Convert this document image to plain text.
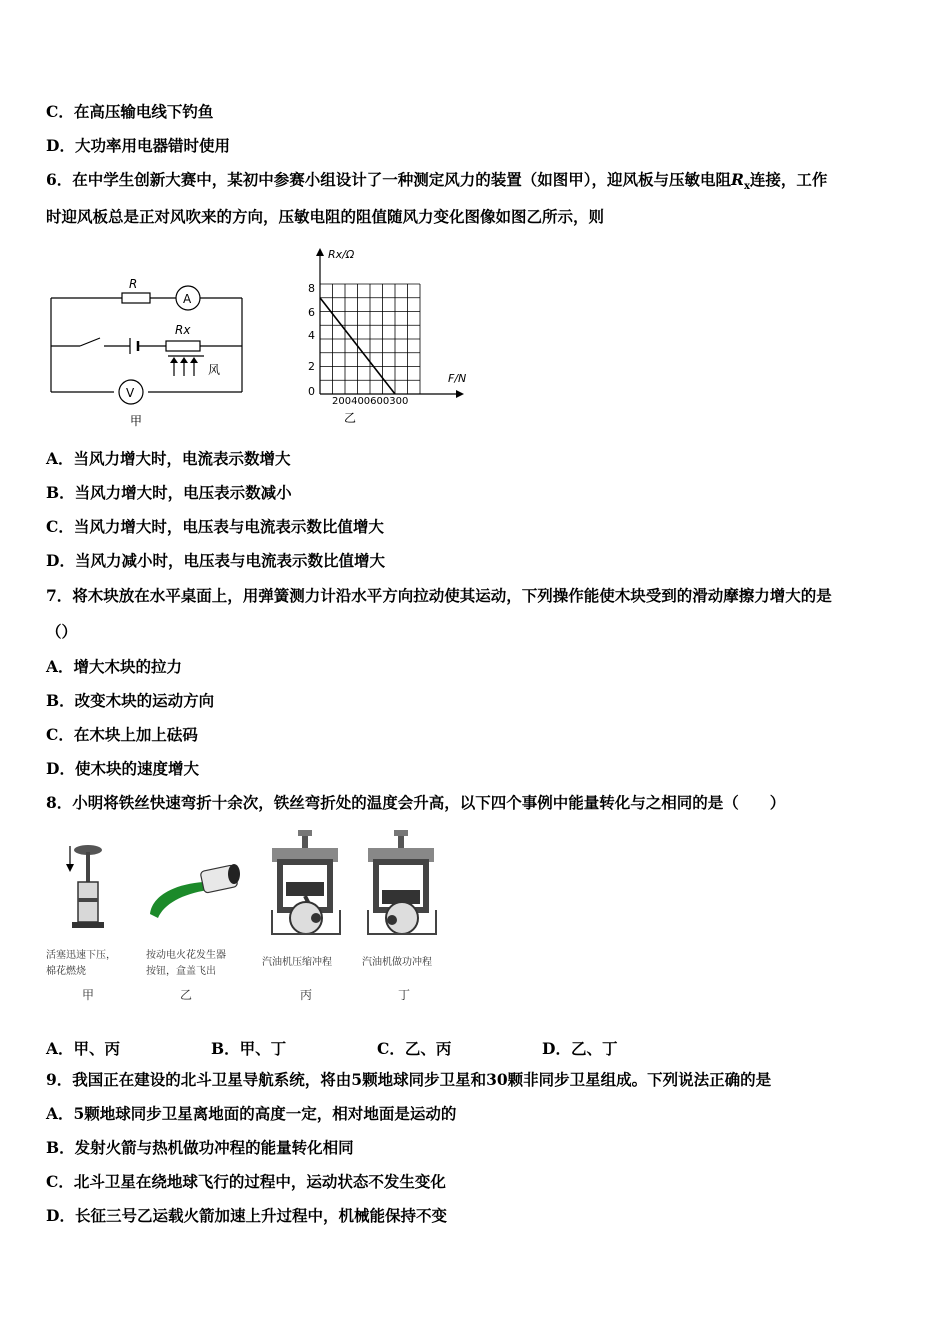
C．在高压输电线下钓鱼
D．大功率用电器错时使用
6．在中学生创新大赛中，某初中参赛小组设计了一种测定风力的装置（如图甲），迎风板与压敏电阻$R_x$连接，工作
时迎风板总是正对风吹来的方向，压敏电阻的阻值随风力变化图像如图乙所示，则
R
A
Rx
V
风
甲
Rx/Ω
F/N
8
6
4
2
0
200400600300
乙
A．当风力增大时，电流表示数增大
B．当风力增大时，电压表示数减小
C．当风力增大时，电压表与电流表示数比值增大
D．当风力减小时，电压表与电流表示数比值增大
7．将木块放在水平桌面上，用弹簧测力计沿水平方向拉动使其运动，下列操作能使木块受到的滑动摩擦力增大的是
（）
A．增大木块的拉力
B．改变木块的运动方向
C．在木块上加上砝码
D．使木块的速度增大
8．小明将铁丝快速弯折十余次，铁丝弯折处的温度会升高，以下四个事例中能量转化与之相同的是（　　）
活塞迅速下压，
棉花燃烧
甲
按动电火花发生器
按钮，盒盖飞出
乙
汽油机压缩冲程
丙
汽油机做功冲程
丁
A．甲、丙	B．甲、丁	C．乙、丙	D．乙、丁
9．我国正在建设的北斗卫星导航系统，将由5颗地球同步卫星和30颗非同步卫星组成。下列说法正确的是
A．5颗地球同步卫星离地面的高度一定，相对地面是运动的
B．发射火箭与热机做功冲程的能量转化相同
C．北斗卫星在绕地球飞行的过程中，运动状态不发生变化
D．长征三号乙运载火箭加速上升过程中，机械能保持不变
